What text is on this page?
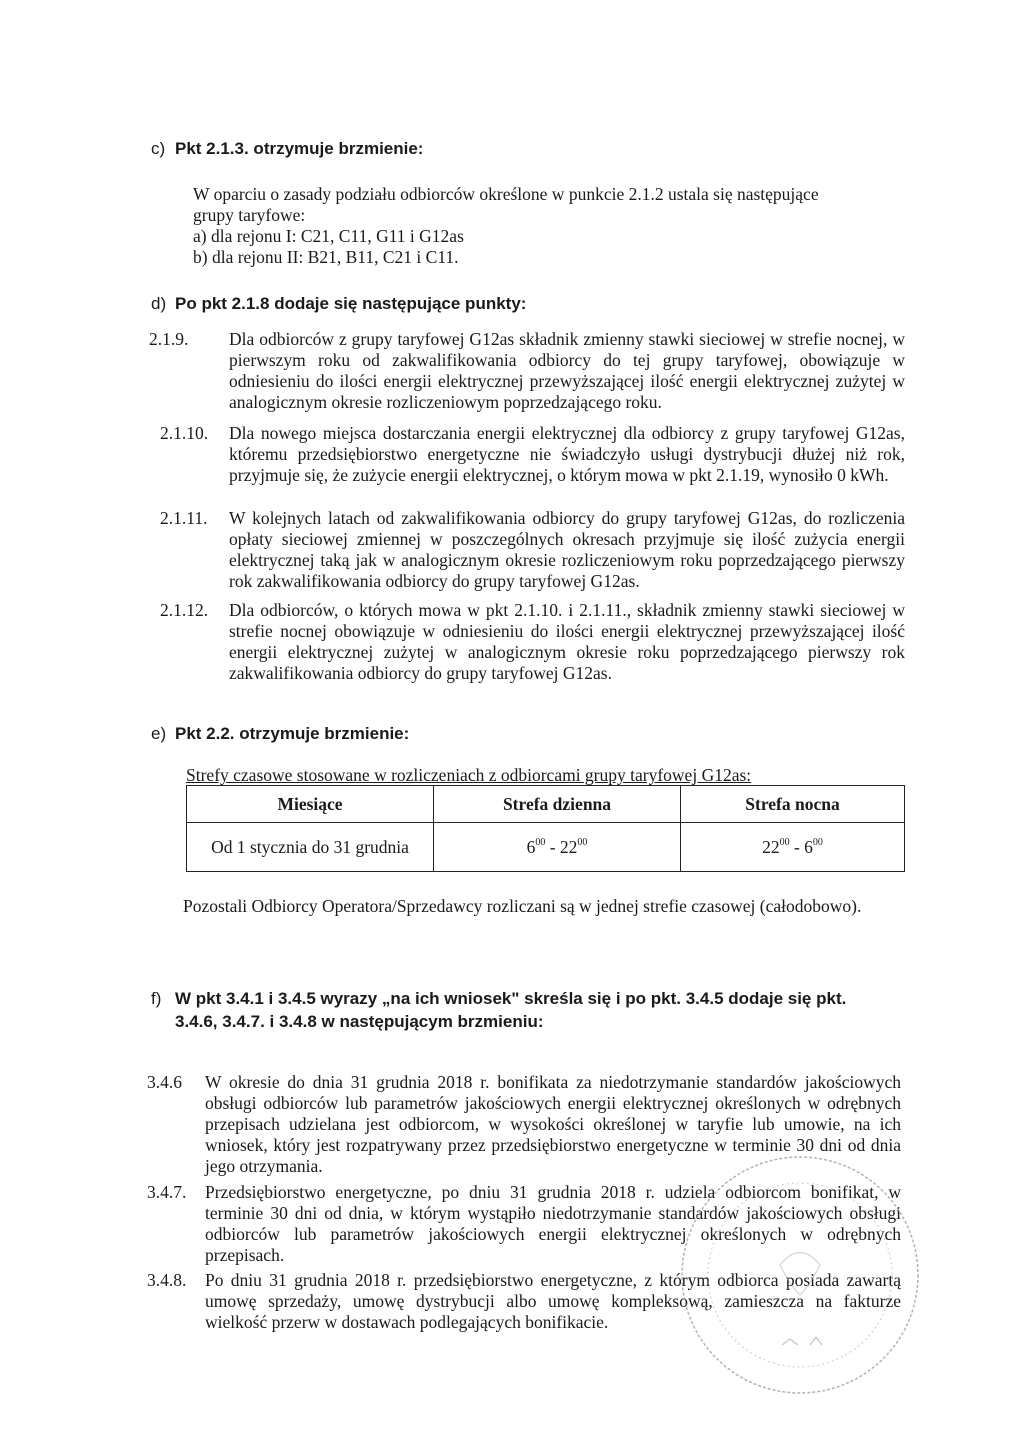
c) Pkt 2.1.3. otrzymuje brzmienie:
W oparciu o zasady podziału odbiorców określone w punkcie 2.1.2 ustala się następujące
grupy taryfowe:
a) dla rejonu I: C21, C11, G11 i G12as
b) dla rejonu II: B21, B11, C21 i C11.
d) Po pkt 2.1.8 dodaje się następujące punkty:
2.1.9. Dla odbiorców z grupy taryfowej G12as składnik zmienny stawki sieciowej w strefie nocnej, w pierwszym roku od zakwalifikowania odbiorcy do tej grupy taryfowej, obowiązuje w odniesieniu do ilości energii elektrycznej przewyższającej ilość energii elektrycznej zużytej w analogicznym okresie rozliczeniowym poprzedzającego roku.
2.1.10. Dla nowego miejsca dostarczania energii elektrycznej dla odbiorcy z grupy taryfowej G12as, któremu przedsiębiorstwo energetyczne nie świadczyło usługi dystrybucji dłużej niż rok, przyjmuje się, że zużycie energii elektrycznej, o którym mowa w pkt 2.1.19, wynosiło 0 kWh.
2.1.11. W kolejnych latach od zakwalifikowania odbiorcy do grupy taryfowej G12as, do rozliczenia opłaty sieciowej zmiennej w poszczególnych okresach przyjmuje się ilość zużycia energii elektrycznej taką jak w analogicznym okresie rozliczeniowym roku poprzedzającego pierwszy rok zakwalifikowania odbiorcy do grupy taryfowej G12as.
2.1.12. Dla odbiorców, o których mowa w pkt 2.1.10. i 2.1.11., składnik zmienny stawki sieciowej w strefie nocnej obowiązuje w odniesieniu do ilości energii elektrycznej przewyższającej ilość energii elektrycznej zużytej w analogicznym okresie roku poprzedzającego pierwszy rok zakwalifikowania odbiorcy do grupy taryfowej G12as.
e) Pkt 2.2. otrzymuje brzmienie:
Strefy czasowe stosowane w rozliczeniach z odbiorcami grupy taryfowej G12as:
Miesiące	Strefa dzienna	Strefa nocna
Od 1 stycznia do 31 grudnia	$6^{00} - 22^{00}$	$22^{00} - 6^{00}$
Pozostali Odbiorcy Operatora/Sprzedawcy rozliczani są w jednej strefie czasowej (całodobowo).
f) W pkt 3.4.1 i 3.4.5 wyrazy „na ich wniosek" skreśla się i po pkt. 3.4.5 dodaje się pkt.
3.4.6, 3.4.7. i 3.4.8 w następującym brzmieniu:
3.4.6 W okresie do dnia 31 grudnia 2018 r. bonifikata za niedotrzymanie standardów jakościowych obsługi odbiorców lub parametrów jakościowych energii elektrycznej określonych w odrębnych przepisach udzielana jest odbiorcom, w wysokości określonej w taryfie lub umowie, na ich wniosek, który jest rozpatrywany przez przedsiębiorstwo energetyczne w terminie 30 dni od dnia jego otrzymania.
3.4.7. Przedsiębiorstwo energetyczne, po dniu 31 grudnia 2018 r. udziela odbiorcom bonifikat, w terminie 30 dni od dnia, w którym wystąpiło niedotrzymanie standardów jakościowych obsługi odbiorców lub parametrów jakościowych energii elektrycznej określonych w odrębnych przepisach.
3.4.8. Po dniu 31 grudnia 2018 r. przedsiębiorstwo energetyczne, z którym odbiorca posiada zawartą umowę sprzedaży, umowę dystrybucji albo umowę kompleksową, zamieszcza na fakturze wielkość przerw w dostawach podlegających bonifikacie.
